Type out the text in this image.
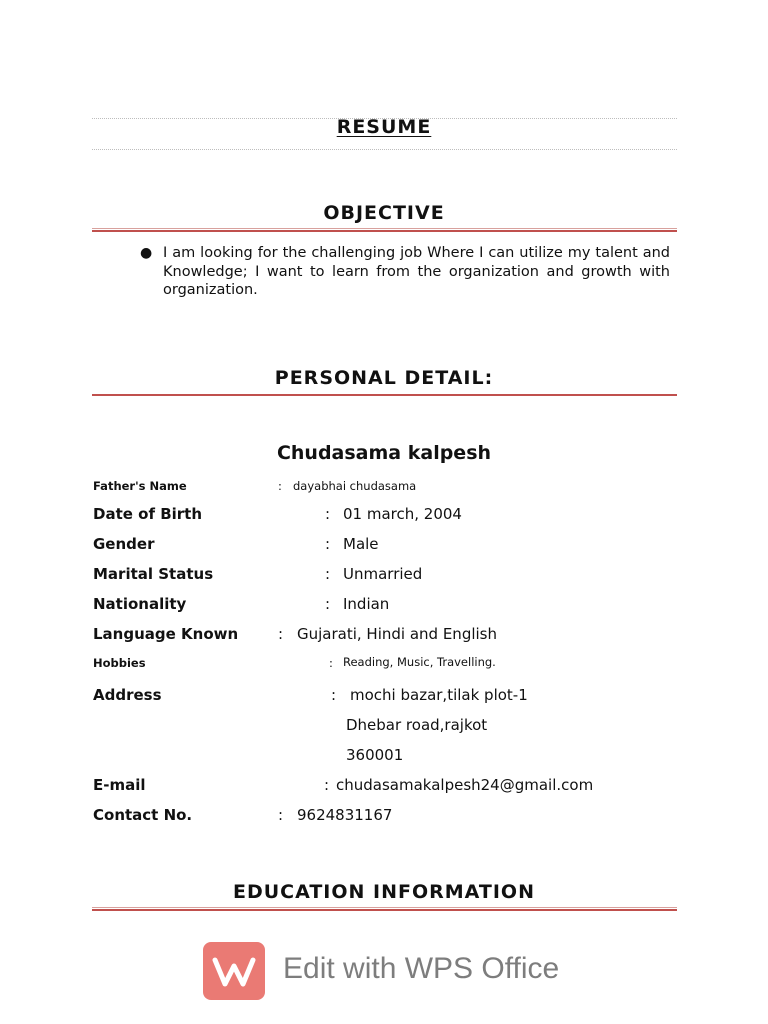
RESUME
OBJECTIVE
● I am looking for the challenging job Where I can utilize my talent and Knowledge; I want to learn from the organization and growth with organization.
PERSONAL DETAIL:
Chudasama kalpesh
Father's Name	: dayabhai chudasama
Date of Birth	: 01 march, 2004
Gender	: Male
Marital Status	: Unmarried
Nationality	: Indian
Language Known	: Gujarati, Hindi and English
Hobbies	: Reading, Music, Travelling.
Address	: mochi bazar,tilak plot-1
Dhebar road,rajkot
360001
E-mail	: chudasamakalpesh24@gmail.com
Contact No.	: 9624831167
EDUCATION INFORMATION
Edit with WPS Office
